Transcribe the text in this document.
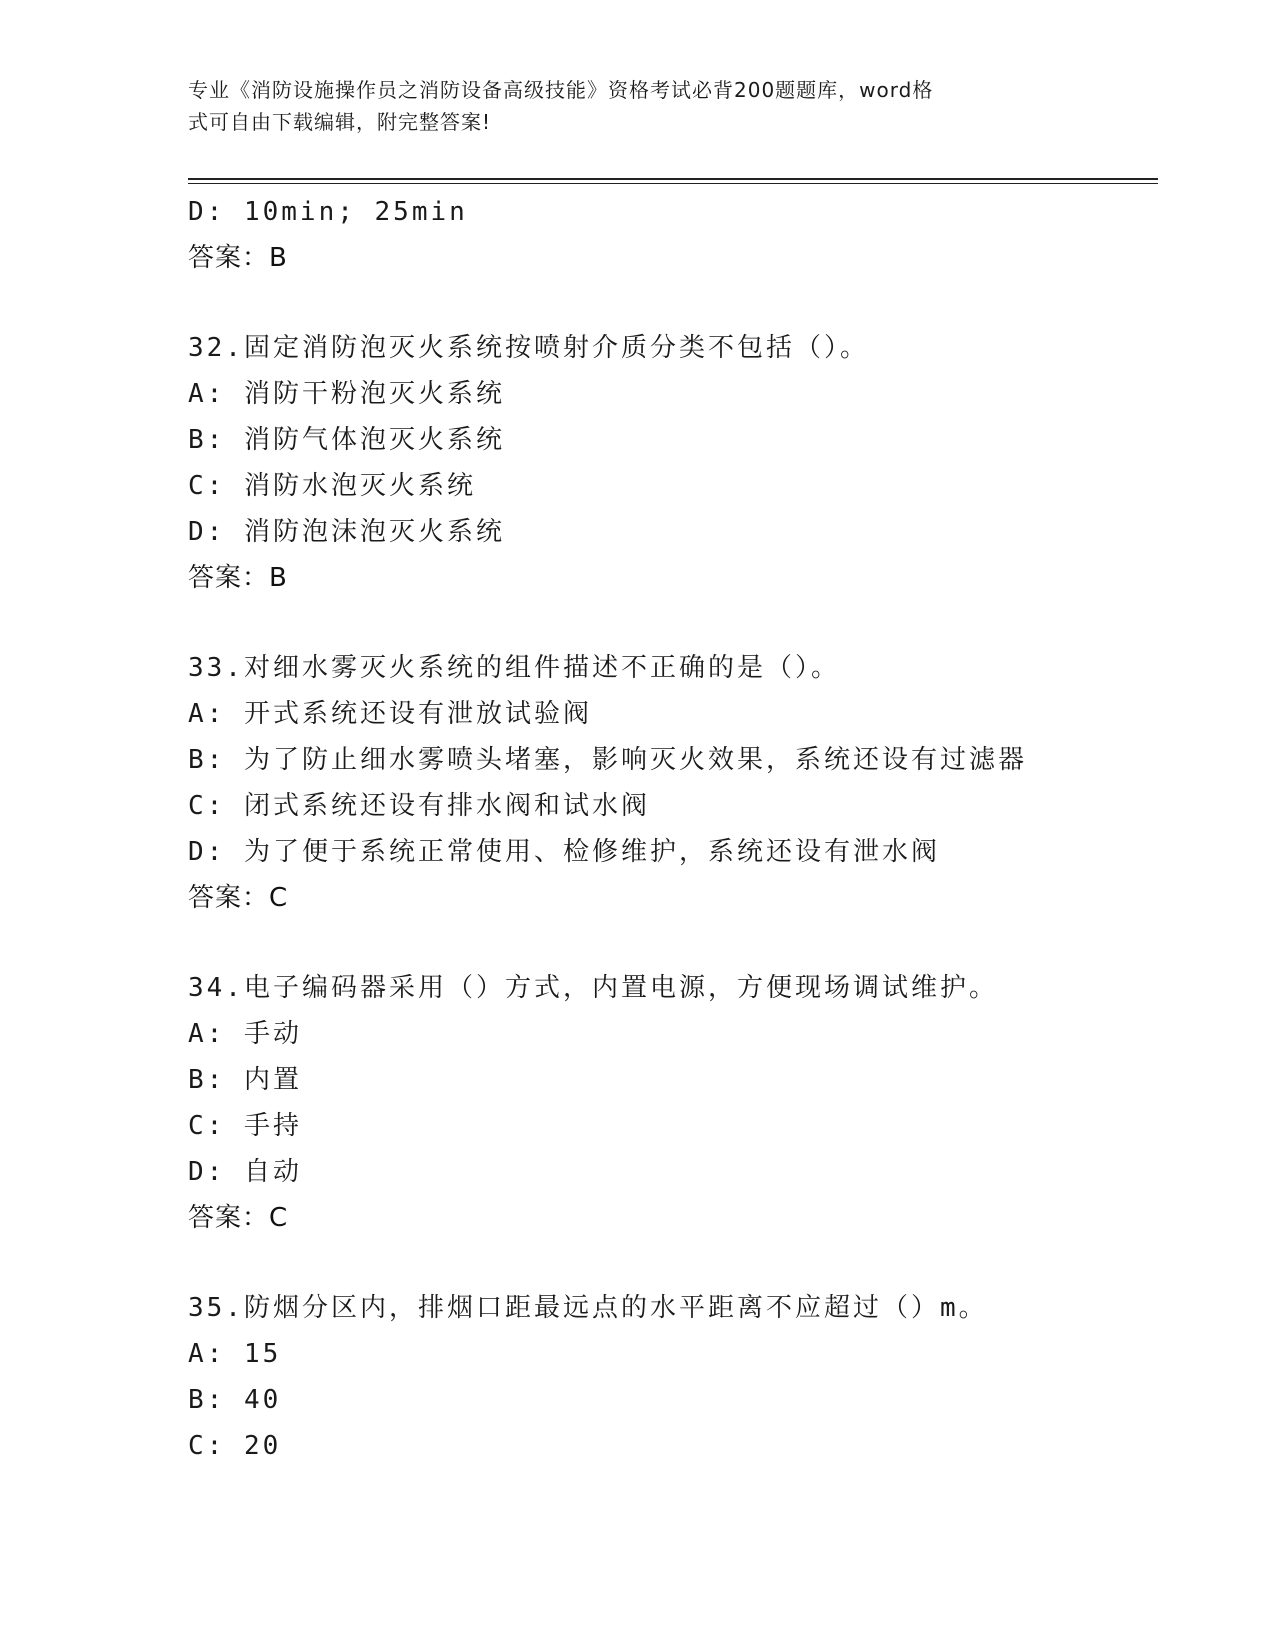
专业《消防设施操作员之消防设备高级技能》资格考试必背200题题库，word格
式可自由下载编辑，附完整答案!
D: 10min; 25min
答案：B
32.固定消防泡灭火系统按喷射介质分类不包括（）。
A: 消防干粉泡灭火系统
B: 消防气体泡灭火系统
C: 消防水泡灭火系统
D: 消防泡沫泡灭火系统
答案：B
33.对细水雾灭火系统的组件描述不正确的是（）。
A: 开式系统还设有泄放试验阀
B: 为了防止细水雾喷头堵塞，影响灭火效果，系统还设有过滤器
C: 闭式系统还设有排水阀和试水阀
D: 为了便于系统正常使用、检修维护，系统还设有泄水阀
答案：C
34.电子编码器采用（）方式，内置电源，方便现场调试维护。
A: 手动
B: 内置
C: 手持
D: 自动
答案：C
35.防烟分区内，排烟口距最远点的水平距离不应超过（）m。
A: 15
B: 40
C: 20
